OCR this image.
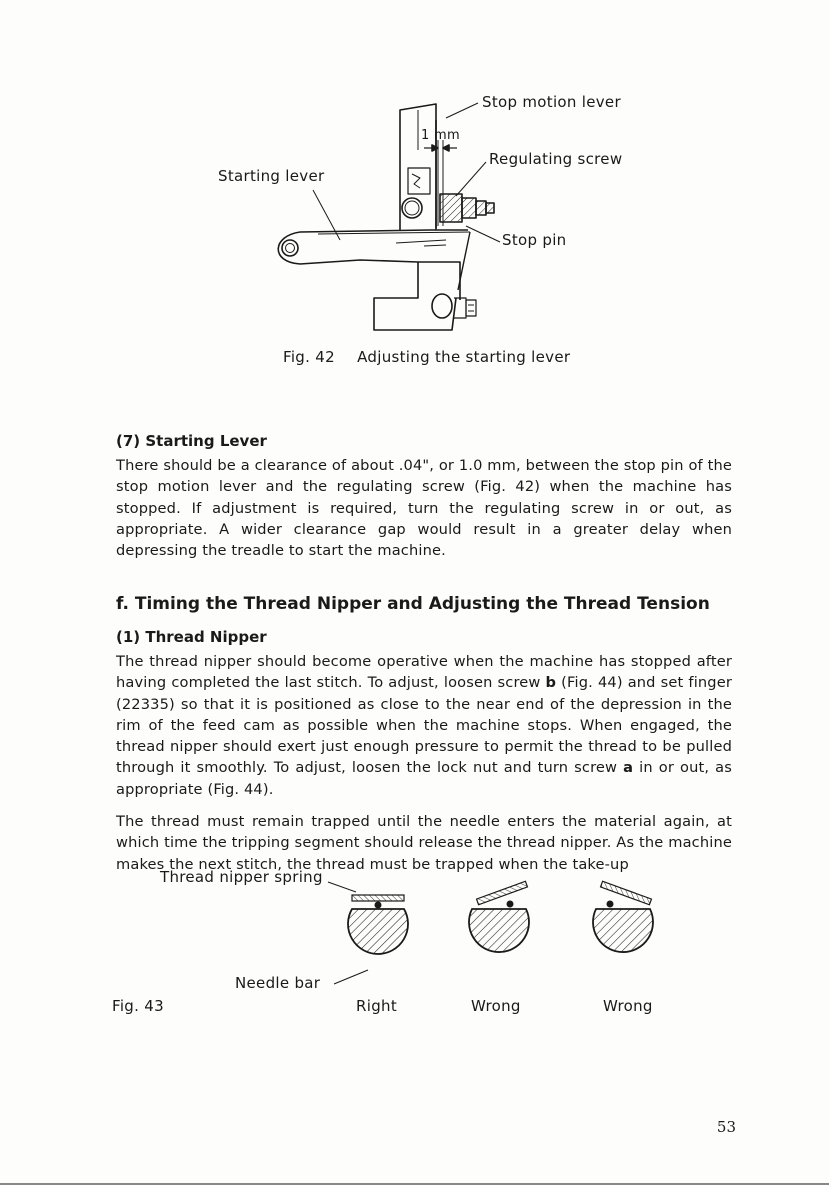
Stop motion lever
1 mm
Regulating screw
Starting lever
Stop pin
Fig. 42 Adjusting the starting lever
(7) Starting Lever
There should be a clearance of about .04", or 1.0 mm, between the stop pin of the stop motion lever and the regulating screw (Fig. 42) when the machine has stopped. If adjustment is required, turn the regulating screw in or out, as appropriate. A wider clearance gap would result in a greater delay when depressing the treadle to start the machine.
f. Timing the Thread Nipper and Adjusting the Thread Tension
(1) Thread Nipper
The thread nipper should become operative when the machine has stopped after having completed the last stitch. To adjust, loosen screw b (Fig. 44) and set finger (22335) so that it is positioned as close to the near end of the depression in the rim of the feed cam as possible when the machine stops. When engaged, the thread nipper should exert just enough pressure to permit the thread to be pulled through it smoothly. To adjust, loosen the lock nut and turn screw a in or out, as appropriate (Fig. 44).
The thread must remain trapped until the needle enters the material again, at which time the tripping segment should release the thread nipper. As the machine makes the next stitch, the thread must be trapped when the take-up
Thread nipper spring
Needle bar
Fig. 43	Right	Wrong	Wrong
53
